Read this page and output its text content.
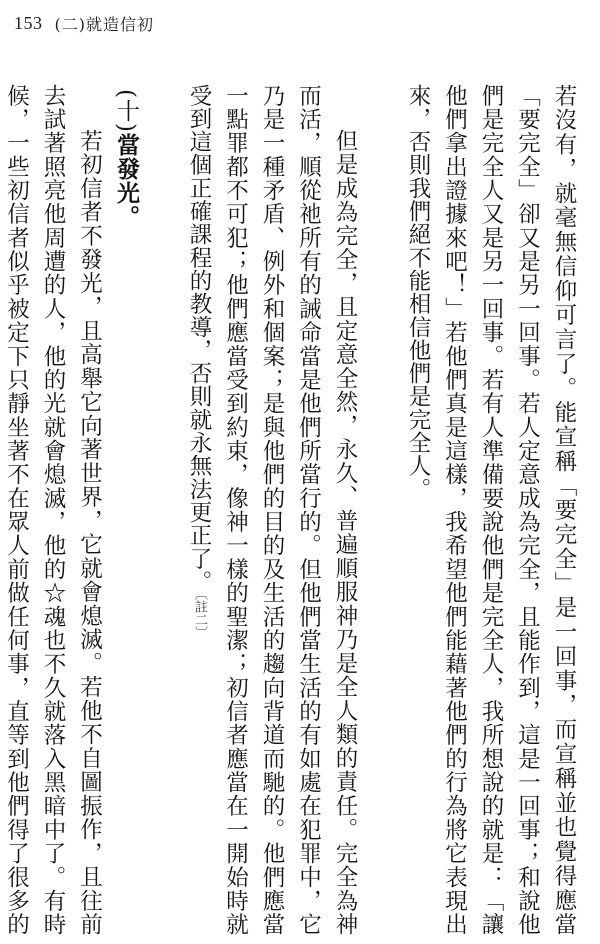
153 (二)就造信初

若沒有，就毫無信仰可言了。能宣稱「要完全」是一回事，而宣稱並也覺得應當「要完全」卻又是另一回事。若人定意成為完全，且能作到，這是一回事；和說他們是完全人又是另一回事。若有人準備要說他們是完全人，我所想說的就是：「讓他們拿出證據來吧！」若他們真是這樣，我希望他們能藉著他們的行為將它表現出來，否則我們絕不能相信他們是完全人。

但是成為完全，且定意全然，永久、普遍順服神乃是全人類的責任。完全為神而活，順從祂所有的誡命當是他們所當行的。但他們當生活的有如處在犯罪中，它乃是一種矛盾、例外和個案；是與他們的目的及生活的趨向背道而馳的。他們應當一點罪都不可犯；他們應當受到約束，像神一樣的聖潔；初信者應當在一開始時就受到這個正確課程的教導，否則就永無法更正了。〔註二〕

(十)當發光。

若初信者不發光，且高舉它向著世界，它就會熄滅。若他不自圖振作，且往前去試著照亮他周遭的人，他的光就會熄滅，他的☆魂也不久就落入黑暗中了。有時候，一些初信者似乎被定下只靜坐著不在眾人前做任何事，直等到他們得了很多的
